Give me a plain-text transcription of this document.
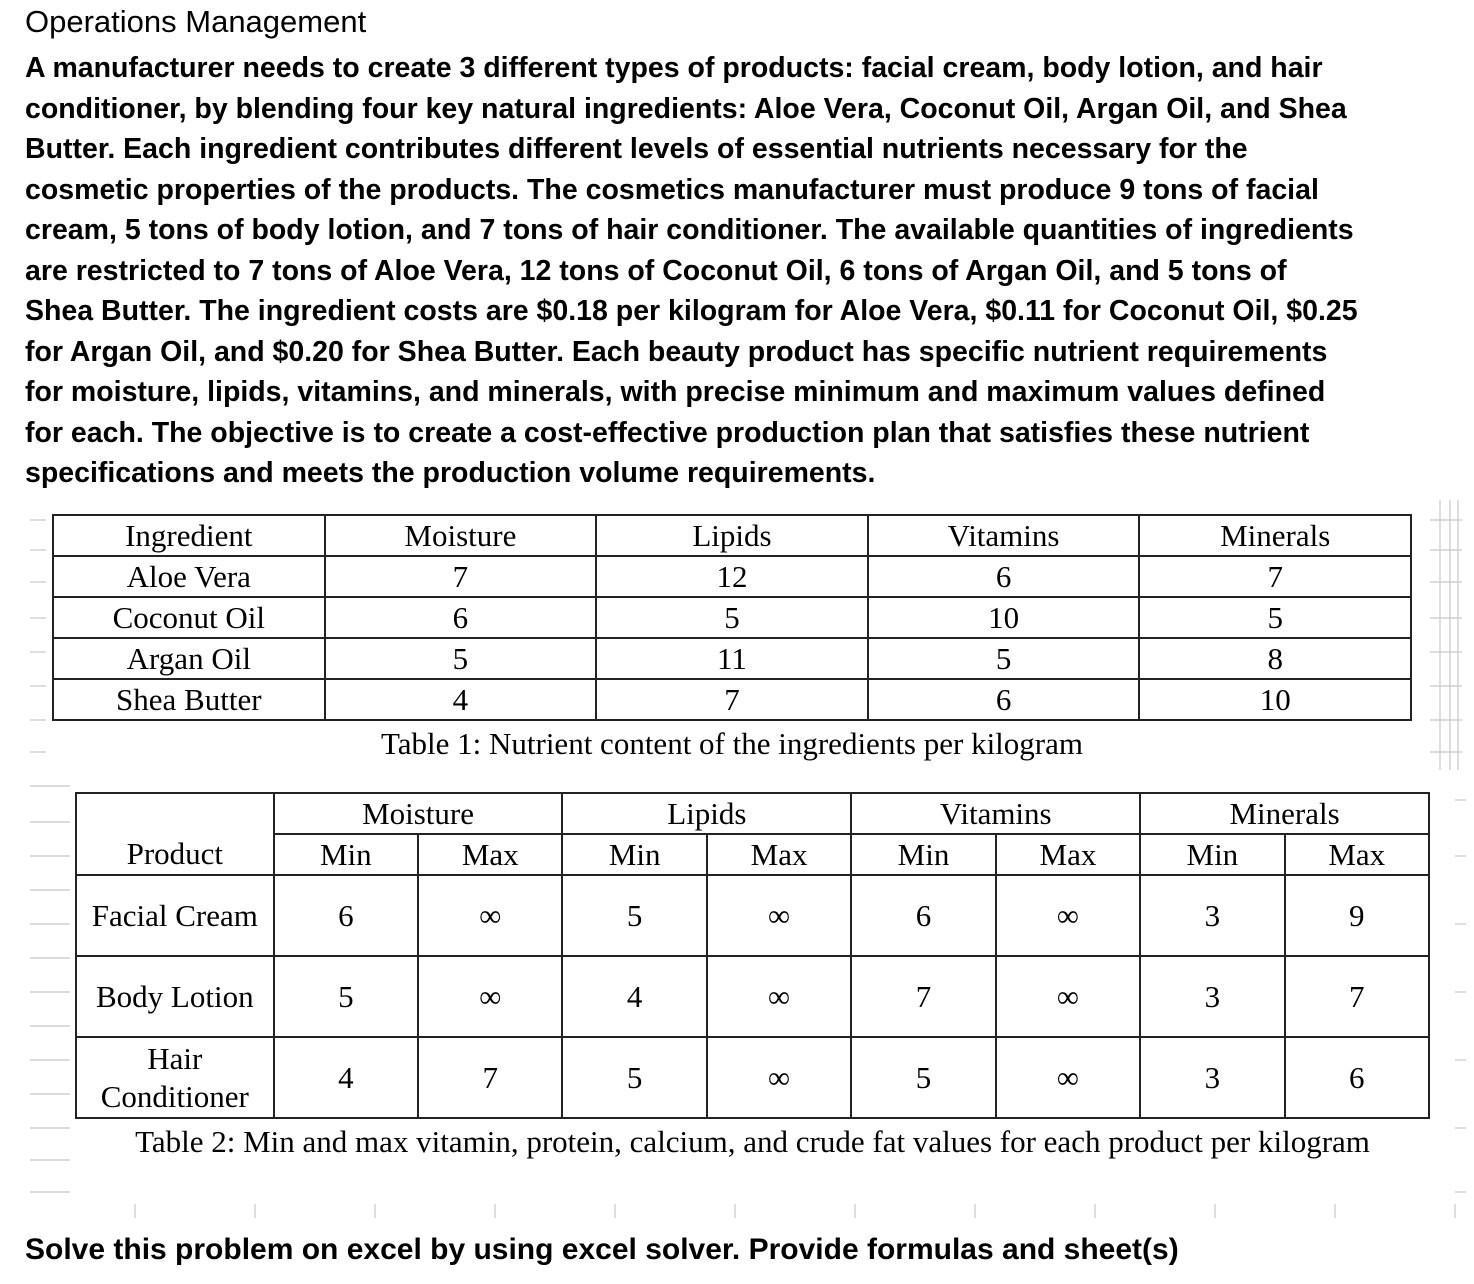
Operations Management
A manufacturer needs to create 3 different types of products: facial cream, body lotion, and hair
conditioner, by blending four key natural ingredients: Aloe Vera, Coconut Oil, Argan Oil, and Shea
Butter. Each ingredient contributes different levels of essential nutrients necessary for the
cosmetic properties of the products. The cosmetics manufacturer must produce 9 tons of facial
cream, 5 tons of body lotion, and 7 tons of hair conditioner. The available quantities of ingredients
are restricted to 7 tons of Aloe Vera, 12 tons of Coconut Oil, 6 tons of Argan Oil, and 5 tons of
Shea Butter. The ingredient costs are $0.18 per kilogram for Aloe Vera, $0.11 for Coconut Oil, $0.25
for Argan Oil, and $0.20 for Shea Butter. Each beauty product has specific nutrient requirements
for moisture, lipids, vitamins, and minerals, with precise minimum and maximum values defined
for each. The objective is to create a cost-effective production plan that satisfies these nutrient
specifications and meets the production volume requirements.
Ingredient	Moisture	Lipids	Vitamins	Minerals
Aloe Vera	7	12	6	7
Coconut Oil	6	5	10	5
Argan Oil	5	11	5	8
Shea Butter	4	7	6	10
Table 1: Nutrient content of the ingredients per kilogram
	Moisture		Lipids		Vitamins		Minerals	
Product	Min	Max	Min	Max	Min	Max	Min	Max
Facial Cream	6	∞	5	∞	6	∞	3	9
Body Lotion	5	∞	4	∞	7	∞	3	7
Hair Conditioner	4	7	5	∞	5	∞	3	6
Table 2: Min and max vitamin, protein, calcium, and crude fat values for each product per kilogram
Solve this problem on excel by using excel solver. Provide formulas and sheet(s)
